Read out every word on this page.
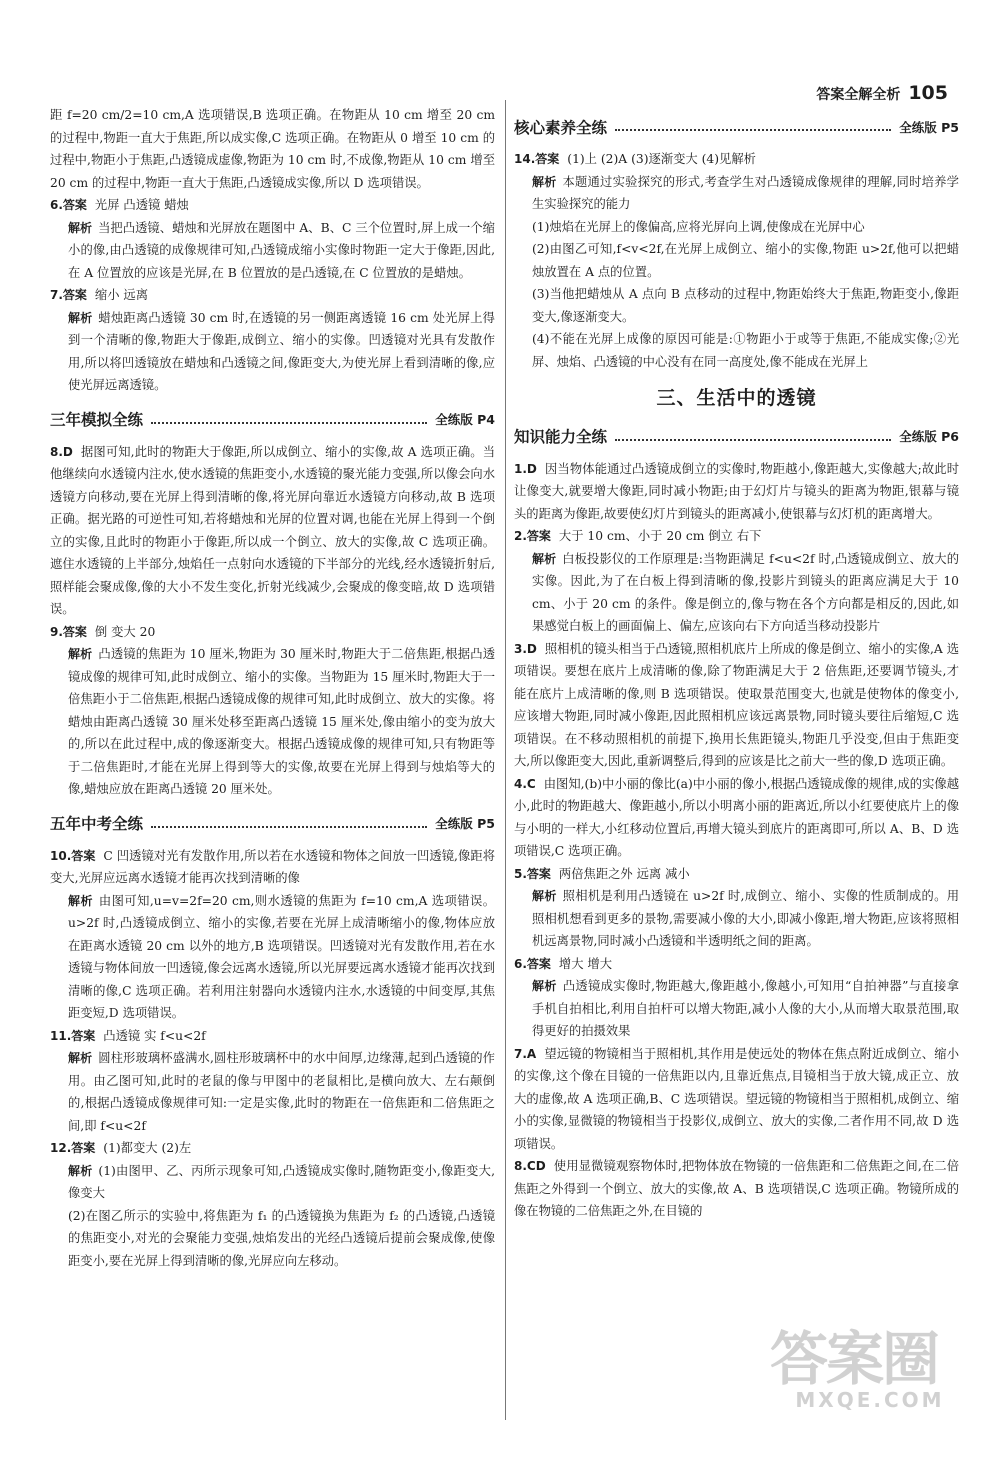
答案全解全析 105
距 f=20 cm/2=10 cm,A 选项错误,B 选项正确。在物距从 10 cm 增至 20 cm 的过程中,物距一直大于焦距,所以成实像,C 选项正确。在物距从 0 增至 10 cm 的过程中,物距小于焦距,凸透镜成虚像,物距为 10 cm 时,不成像,物距从 10 cm 增至 20 cm 的过程中,物距一直大于焦距,凸透镜成实像,所以 D 选项错误。
6.答案 光屏 凸透镜 蜡烛
解析 当把凸透镜、蜡烛和光屏放在题图中 A、B、C 三个位置时,屏上成一个缩小的像,由凸透镜的成像规律可知,凸透镜成缩小实像时物距一定大于像距,因此,在 A 位置放的应该是光屏,在 B 位置放的是凸透镜,在 C 位置放的是蜡烛。
7.答案 缩小 远离
解析 蜡烛距离凸透镜 30 cm 时,在透镜的另一侧距离透镜 16 cm 处光屏上得到一个清晰的像,物距大于像距,成倒立、缩小的实像。凹透镜对光具有发散作用,所以将凹透镜放在蜡烛和凸透镜之间,像距变大,为使光屏上看到清晰的像,应使光屏远离透镜。
三年模拟全练	全练版 P4
8.D 据图可知,此时的物距大于像距,所以成倒立、缩小的实像,故 A 选项正确。当他继续向水透镜内注水,使水透镜的焦距变小,水透镜的聚光能力变强,所以像会向水透镜方向移动,要在光屏上得到清晰的像,将光屏向靠近水透镜方向移动,故 B 选项正确。据光路的可逆性可知,若将蜡烛和光屏的位置对调,也能在光屏上得到一个倒立的实像,且此时的物距小于像距,所以成一个倒立、放大的实像,故 C 选项正确。遮住水透镜的上半部分,烛焰任一点射向水透镜的下半部分的光线,经水透镜折射后,照样能会聚成像,像的大小不发生变化,折射光线减少,会聚成的像变暗,故 D 选项错误。
9.答案 倒 变大 20
解析 凸透镜的焦距为 10 厘米,物距为 30 厘米时,物距大于二倍焦距,根据凸透镜成像的规律可知,此时成倒立、缩小的实像。当物距为 15 厘米时,物距大于一倍焦距小于二倍焦距,根据凸透镜成像的规律可知,此时成倒立、放大的实像。将蜡烛由距离凸透镜 30 厘米处移至距离凸透镜 15 厘米处,像由缩小的变为放大的,所以在此过程中,成的像逐渐变大。根据凸透镜成像的规律可知,只有物距等于二倍焦距时,才能在光屏上得到等大的实像,故要在光屏上得到与烛焰等大的像,蜡烛应放在距离凸透镜 20 厘米处。
五年中考全练	全练版 P5
10.答案 C 凹透镜对光有发散作用,所以若在水透镜和物体之间放一凹透镜,像距将变大,光屏应远离水透镜才能再次找到清晰的像
解析 由图可知,u=v=2f=20 cm,则水透镜的焦距为 f=10 cm,A 选项错误。u>2f 时,凸透镜成倒立、缩小的实像,若要在光屏上成清晰缩小的像,物体应放在距离水透镜 20 cm 以外的地方,B 选项错误。凹透镜对光有发散作用,若在水透镜与物体间放一凹透镜,像会远离水透镜,所以光屏要远离水透镜才能再次找到清晰的像,C 选项正确。若利用注射器向水透镜内注水,水透镜的中间变厚,其焦距变短,D 选项错误。
11.答案 凸透镜 实 f<u<2f
解析 圆柱形玻璃杯盛满水,圆柱形玻璃杯中的水中间厚,边缘薄,起到凸透镜的作用。由乙图可知,此时的老鼠的像与甲图中的老鼠相比,是横向放大、左右颠倒的,根据凸透镜成像规律可知:一定是实像,此时的物距在一倍焦距和二倍焦距之间,即 f<u<2f
12.答案 (1)都变大 (2)左
解析 (1)由图甲、乙、丙所示现象可知,凸透镜成实像时,随物距变小,像距变大,像变大
(2)在图乙所示的实验中,将焦距为 f₁ 的凸透镜换为焦距为 f₂ 的凸透镜,凸透镜的焦距变小,对光的会聚能力变强,烛焰发出的光经凸透镜后提前会聚成像,使像距变小,要在光屏上得到清晰的像,光屏应向左移动。
核心素养全练	全练版 P5
14.答案 (1)上 (2)A (3)逐渐变大 (4)见解析
解析 本题通过实验探究的形式,考查学生对凸透镜成像规律的理解,同时培养学生实验探究的能力
(1)烛焰在光屏上的像偏高,应将光屏向上调,使像成在光屏中心
(2)由图乙可知,f<v<2f,在光屏上成倒立、缩小的实像,物距 u>2f,他可以把蜡烛放置在 A 点的位置。
(3)当他把蜡烛从 A 点向 B 点移动的过程中,物距始终大于焦距,物距变小,像距变大,像逐渐变大。
(4)不能在光屏上成像的原因可能是:①物距小于或等于焦距,不能成实像;②光屏、烛焰、凸透镜的中心没有在同一高度处,像不能成在光屏上
三、生活中的透镜
知识能力全练	全练版 P6
1.D 因当物体能通过凸透镜成倒立的实像时,物距越小,像距越大,实像越大;故此时让像变大,就要增大像距,同时减小物距;由于幻灯片与镜头的距离为物距,银幕与镜头的距离为像距,故要使幻灯片到镜头的距离减小,使银幕与幻灯机的距离增大。
2.答案 大于 10 cm、小于 20 cm 倒立 右下
解析 白板投影仪的工作原理是:当物距满足 f<u<2f 时,凸透镜成倒立、放大的实像。因此,为了在白板上得到清晰的像,投影片到镜头的距离应满足大于 10 cm、小于 20 cm 的条件。像是倒立的,像与物在各个方向都是相反的,因此,如果感觉白板上的画面偏上、偏左,应该向右下方向适当移动投影片
3.D 照相机的镜头相当于凸透镜,照相机底片上所成的像是倒立、缩小的实像,A 选项错误。要想在底片上成清晰的像,除了物距满足大于 2 倍焦距,还要调节镜头,才能在底片上成清晰的像,则 B 选项错误。使取景范围变大,也就是使物体的像变小,应该增大物距,同时减小像距,因此照相机应该远离景物,同时镜头要往后缩短,C 选项错误。在不移动照相机的前提下,换用长焦距镜头,物距几乎没变,但由于焦距变大,所以像距变大,因此,重新调整后,得到的应该是比之前大一些的像,D 选项正确。
4.C 由图知,(b)中小丽的像比(a)中小丽的像小,根据凸透镜成像的规律,成的实像越小,此时的物距越大、像距越小,所以小明离小丽的距离近,所以小红要使底片上的像与小明的一样大,小红移动位置后,再增大镜头到底片的距离即可,所以 A、B、D 选项错误,C 选项正确。
5.答案 两倍焦距之外 远离 减小
解析 照相机是利用凸透镜在 u>2f 时,成倒立、缩小、实像的性质制成的。用照相机想看到更多的景物,需要减小像的大小,即减小像距,增大物距,应该将照相机远离景物,同时减小凸透镜和半透明纸之间的距离。
6.答案 增大 增大
解析 凸透镜成实像时,物距越大,像距越小,像越小,可知用“自拍神器”与直接拿手机自拍相比,利用自拍杆可以增大物距,减小人像的大小,从而增大取景范围,取得更好的拍摄效果
7.A 望远镜的物镜相当于照相机,其作用是使远处的物体在焦点附近成倒立、缩小的实像,这个像在目镜的一倍焦距以内,且靠近焦点,目镜相当于放大镜,成正立、放大的虚像,故 A 选项正确,B、C 选项错误。望远镜的物镜相当于照相机,成倒立、缩小的实像,显微镜的物镜相当于投影仪,成倒立、放大的实像,二者作用不同,故 D 选项错误。
8.CD 使用显微镜观察物体时,把物体放在物镜的一倍焦距和二倍焦距之间,在二倍焦距之外得到一个倒立、放大的实像,故 A、B 选项错误,C 选项正确。物镜所成的像在物镜的二倍焦距之外,在目镜的
答案圈
MXQE.COM
